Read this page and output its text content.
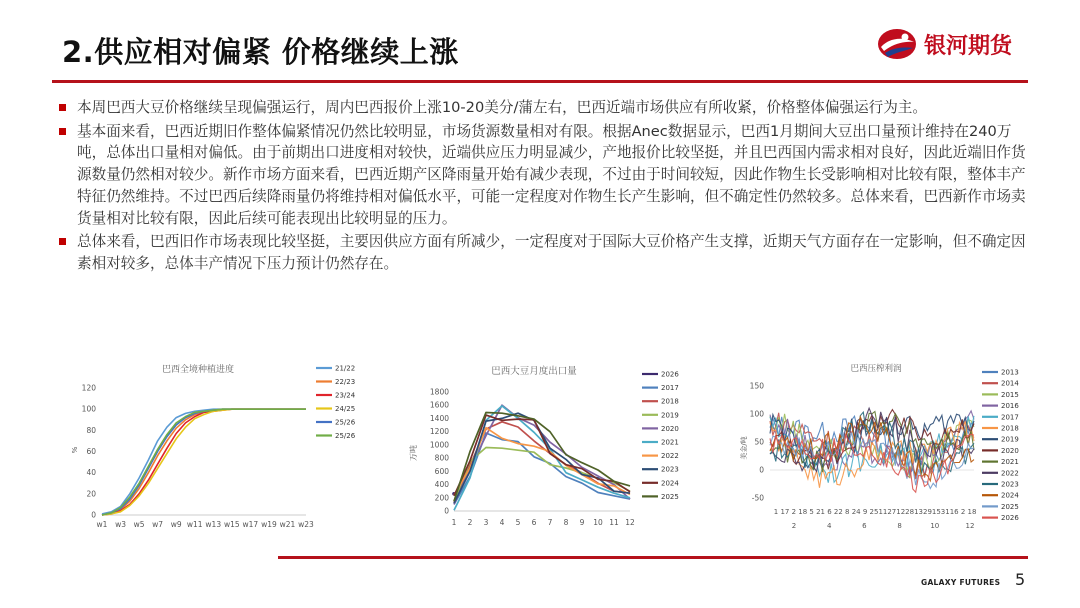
2.供应相对偏紧 价格继续上涨	银河期货
本周巴西大豆价格继续呈现偏强运行，周内巴西报价上涨10-20美分/蒲左右，巴西近端市场供应有所收紧，价格整体偏强运行为主。
基本面来看，巴西近期旧作整体偏紧情况仍然比较明显，市场货源数量相对有限。根据Anec数据显示，巴西1月期间大豆出口量预计维持在240万吨，总体出口量相对偏低。由于前期出口进度相对较快，近端供应压力明显减少，产地报价比较坚挺，并且巴西国内需求相对良好，因此近端旧作货源数量仍然相对较少。新作市场方面来看，巴西近期产区降雨量开始有减少表现，不过由于时间较短，因此作物生长受影响相对比较有限，整体丰产特征仍然维持。不过巴西后续降雨量仍将维持相对偏低水平，可能一定程度对作物生长产生影响，但不确定性仍然较多。总体来看，巴西新作市场卖货量相对比较有限，因此后续可能表现出比较明显的压力。
总体来看，巴西旧作市场表现比较坚挺，主要因供应方面有所减少，一定程度对于国际大豆价格产生支撑，近期天气方面存在一定影响，但不确定因素相对较多，总体丰产情况下压力预计仍然存在。
巴西全境种植进度
0
20
40
60
80
100
120
w1 w3 w5 w7 w9 w11 w13 w15 w17 w19 w21 w23
%
21/22
22/23
23/24
24/25
25/26
25/26
巴西大豆月度出口量
0
200
400
600
800
1000
1200
1400
1600
1800
1 2 3 4 5 6 7 8 9 10 11 12
万吨
2026
2017
2018
2019
2020
2021
2022
2023
2024
2025
巴西压榨利润
-50
0
50
100
150
1 17 2 18 5 21 6 22 8 24 9 25 11 27 12 28 13 29 15 31 16 2 18
2	4	6	8	10	12
美金/吨
2013
2014
2015
2016
2017
2018
2019
2020
2021
2022
2023
2024
2025
2026
GALAXY FUTURES 5
